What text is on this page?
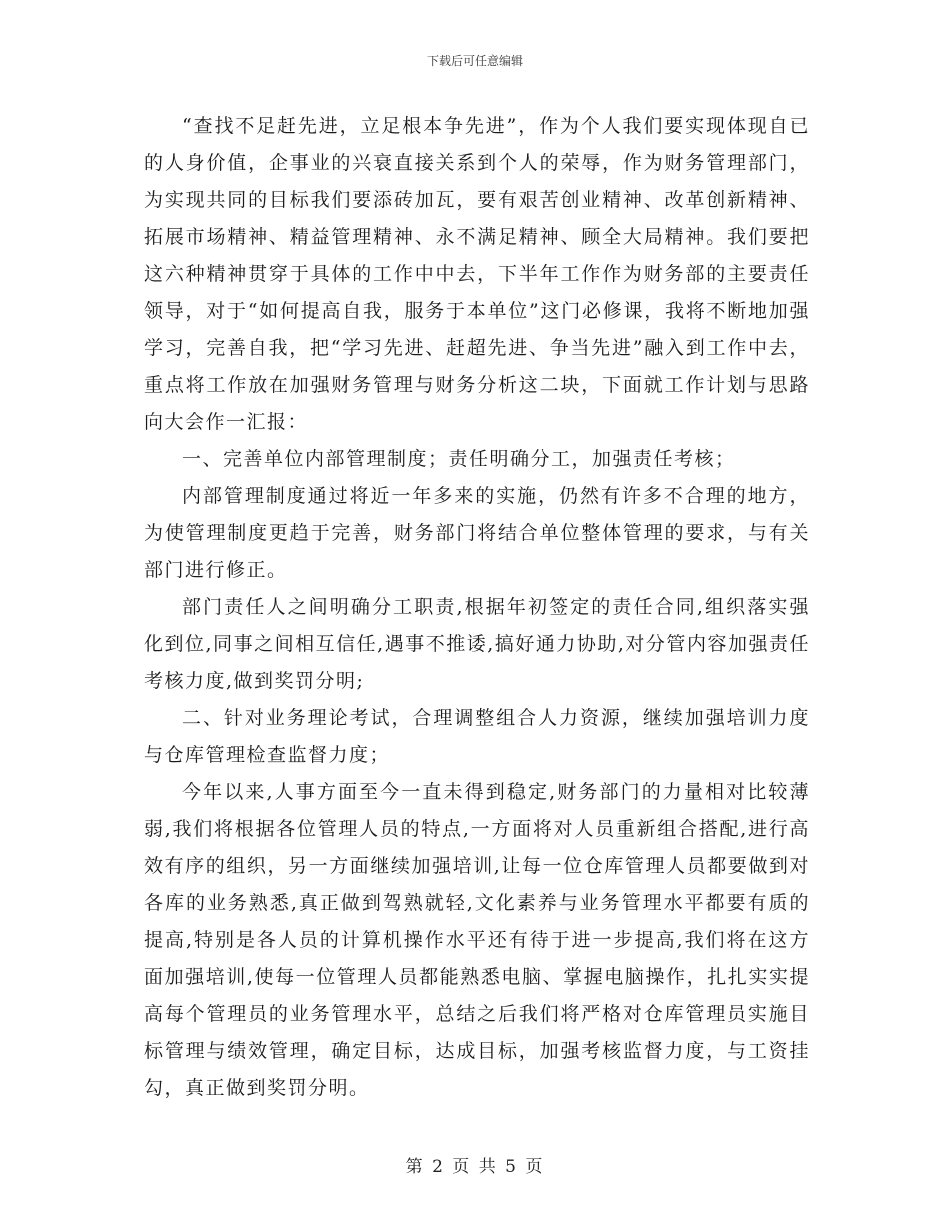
下载后可任意编辑

“查找不足赶先进，立足根本争先进”，作为个人我们要实现体现自已的人身价值，企事业的兴衰直接关系到个人的荣辱，作为财务管理部门，为实现共同的目标我们要添砖加瓦，要有艰苦创业精神、改革创新精神、拓展市场精神、精益管理精神、永不满足精神、顾全大局精神。我们要把这六种精神贯穿于具体的工作中中去，下半年工作作为财务部的主要责任领导，对于“如何提高自我，服务于本单位”这门必修课，我将不断地加强学习，完善自我，把“学习先进、赶超先进、争当先进”融入到工作中去，重点将工作放在加强财务管理与财务分析这二块，下面就工作计划与思路向大会作一汇报：

一、完善单位内部管理制度；责任明确分工，加强责任考核；

内部管理制度通过将近一年多来的实施，仍然有许多不合理的地方，为使管理制度更趋于完善，财务部门将结合单位整体管理的要求，与有关部门进行修正。

部门责任人之间明确分工职责,根据年初签定的责任合同,组织落实强化到位,同事之间相互信任,遇事不推诿,搞好通力协助,对分管内容加强责任考核力度,做到奖罚分明;

二、针对业务理论考试，合理调整组合人力资源，继续加强培训力度与仓库管理检查监督力度；

今年以来,人事方面至今一直未得到稳定,财务部门的力量相对比较薄弱,我们将根据各位管理人员的特点,一方面将对人员重新组合搭配,进行高效有序的组织，另一方面继续加强培训,让每一位仓库管理人员都要做到对各库的业务熟悉,真正做到驾熟就轻,文化素养与业务管理水平都要有质的提高,特别是各人员的计算机操作水平还有待于进一步提高,我们将在这方面加强培训,使每一位管理人员都能熟悉电脑、掌握电脑操作，扎扎实实提高每个管理员的业务管理水平，总结之后我们将严格对仓库管理员实施目标管理与绩效管理，确定目标，达成目标，加强考核监督力度，与工资挂勾，真正做到奖罚分明。

第 2 页 共 5 页
